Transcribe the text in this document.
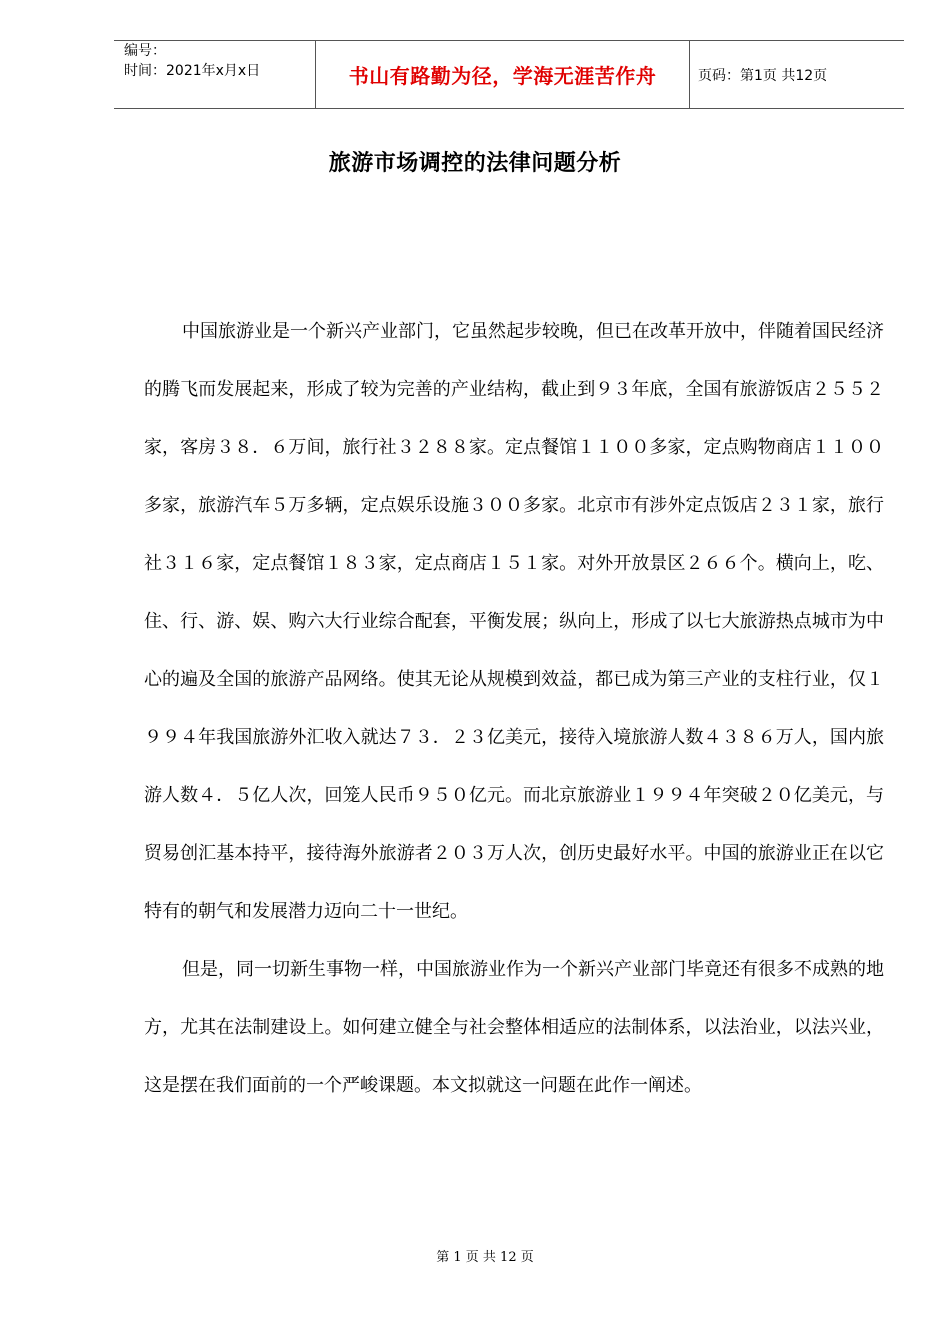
编号：
时间：2021年x月x日	书山有路勤为径，学海无涯苦作舟	页码：第1页 共12页
旅游市场调控的法律问题分析

中国旅游业是一个新兴产业部门，它虽然起步较晚，但已在改革开放中，伴随着国民经济的腾飞而发展起来，形成了较为完善的产业结构，截止到９３年底，全国有旅游饭店２５５２家，客房３８．６万间，旅行社３２８８家。定点餐馆１１００多家，定点购物商店１１００多家，旅游汽车５万多辆，定点娱乐设施３００多家。北京市有涉外定点饭店２３１家，旅行社３１６家，定点餐馆１８３家，定点商店１５１家。对外开放景区２６６个。横向上，吃、住、行、游、娱、购六大行业综合配套，平衡发展；纵向上，形成了以七大旅游热点城市为中心的遍及全国的旅游产品网络。使其无论从规模到效益，都已成为第三产业的支柱行业，仅１９９４年我国旅游外汇收入就达７３．２３亿美元，接待入境旅游人数４３８６万人，国内旅游人数４．５亿人次，回笼人民币９５０亿元。而北京旅游业１９９４年突破２０亿美元，与贸易创汇基本持平，接待海外旅游者２０３万人次，创历史最好水平。中国的旅游业正在以它特有的朝气和发展潜力迈向二十一世纪。

但是，同一切新生事物一样，中国旅游业作为一个新兴产业部门毕竟还有很多不成熟的地方，尤其在法制建设上。如何建立健全与社会整体相适应的法制体系，以法治业，以法兴业，这是摆在我们面前的一个严峻课题。本文拟就这一问题在此作一阐述。

第 1 页 共 12 页
